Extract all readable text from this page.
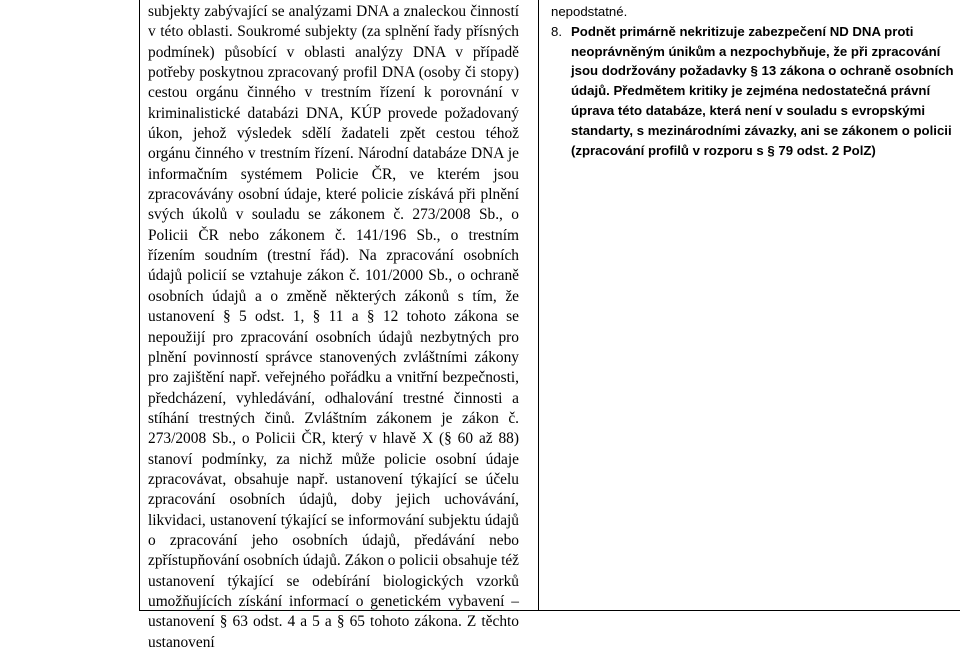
subjekty zabývající se analýzami DNA a znaleckou činností v této oblasti. Soukromé subjekty (za splnění řady přísných podmínek) působící v oblasti analýzy DNA v případě potřeby poskytnou zpracovaný profil DNA (osoby či stopy) cestou orgánu činného v trestním řízení k porovnání v kriminalistické databázi DNA, KÚP provede požadovaný úkon, jehož výsledek sdělí žadateli zpět cestou téhož orgánu činného v trestním řízení. Národní databáze DNA je informačním systémem Policie ČR, ve kterém jsou zpracovávány osobní údaje, které policie získává při plnění svých úkolů v souladu se zákonem č. 273/2008 Sb., o Policii ČR nebo zákonem č. 141/196 Sb., o trestním řízením soudním (trestní řád). Na zpracování osobních údajů policií se vztahuje zákon č. 101/2000 Sb., o ochraně osobních údajů a o změně některých zákonů s tím, že ustanovení § 5 odst. 1, § 11 a § 12 tohoto zákona se nepoužijí pro zpracování osobních údajů nezbytných pro plnění povinností správce stanovených zvláštními zákony pro zajištění např. veřejného pořádku a vnitřní bezpečnosti, předcházení, vyhledávání, odhalování trestné činnosti a stíhání trestných činů. Zvláštním zákonem je zákon č. 273/2008 Sb., o Policii ČR, který v hlavě X (§ 60 až 88) stanoví podmínky, za nichž může policie osobní údaje zpracovávat, obsahuje např. ustanovení týkající se účelu zpracování osobních údajů, doby jejich uchovávání, likvidaci, ustanovení týkající se informování subjektu údajů o zpracování jeho osobních údajů, předávání nebo zpřístupňování osobních údajů. Zákon o policii obsahuje též ustanovení týkající se odebírání biologických vzorků umožňujících získání informací o genetickém vybavení – ustanovení § 63 odst. 4 a 5 a § 65 tohoto zákona. Z těchto ustanovení

nepodstatné.
8. Podnět primárně nekritizuje zabezpečení ND DNA proti
neoprávněným únikům a nezpochybňuje, že při zpracování
jsou dodržovány požadavky § 13 zákona o ochraně osobních
údajů. Předmětem kritiky je zejména nedostatečná právní
úprava této databáze, která není v souladu s evropskými
standarty, s mezinárodními závazky, ani se zákonem o policii
(zpracování profilů v rozporu s § 79 odst. 2 PolZ)
